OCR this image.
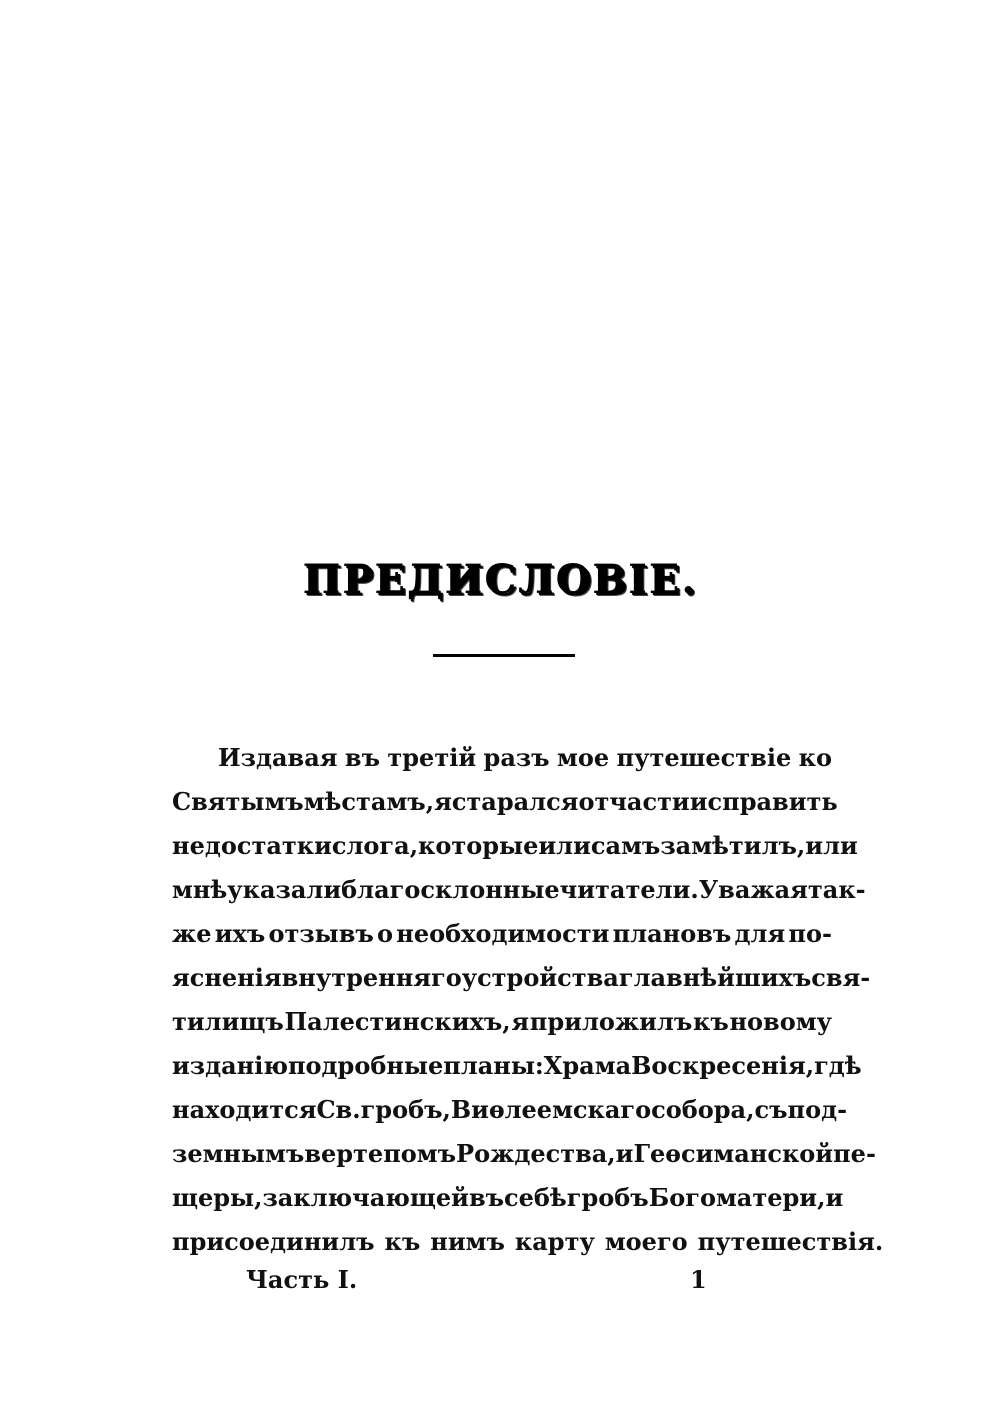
ПРЕДИСЛОВІЕ.
Издавая въ третій разъ мое путешествіе ко
Святымъ мѣстамъ, я старался отчасти исправить
недостатки слога, которые или самъ замѣтилъ, или
мнѣ указали благосклонные читатели. Уважая так-
же ихъ отзывъ о необходимости плановъ для по-
ясненія внутренняго устройства главнѣйшихъ свя-
тилищъ Палестинскихъ, я приложилъ къ новому
изданію подробные планы: Храма Воскресенія, гдѣ
находится Св. гробъ, Виѳлеемскаго собора, съ под-
земнымъ вертепомъ Рождества, и Геѳсиманской пе-
щеры, заключающей въ себѣ гробъ Богоматери, и
присоединилъ къ нимъ карту моего путешествія.
Часть I.	1
